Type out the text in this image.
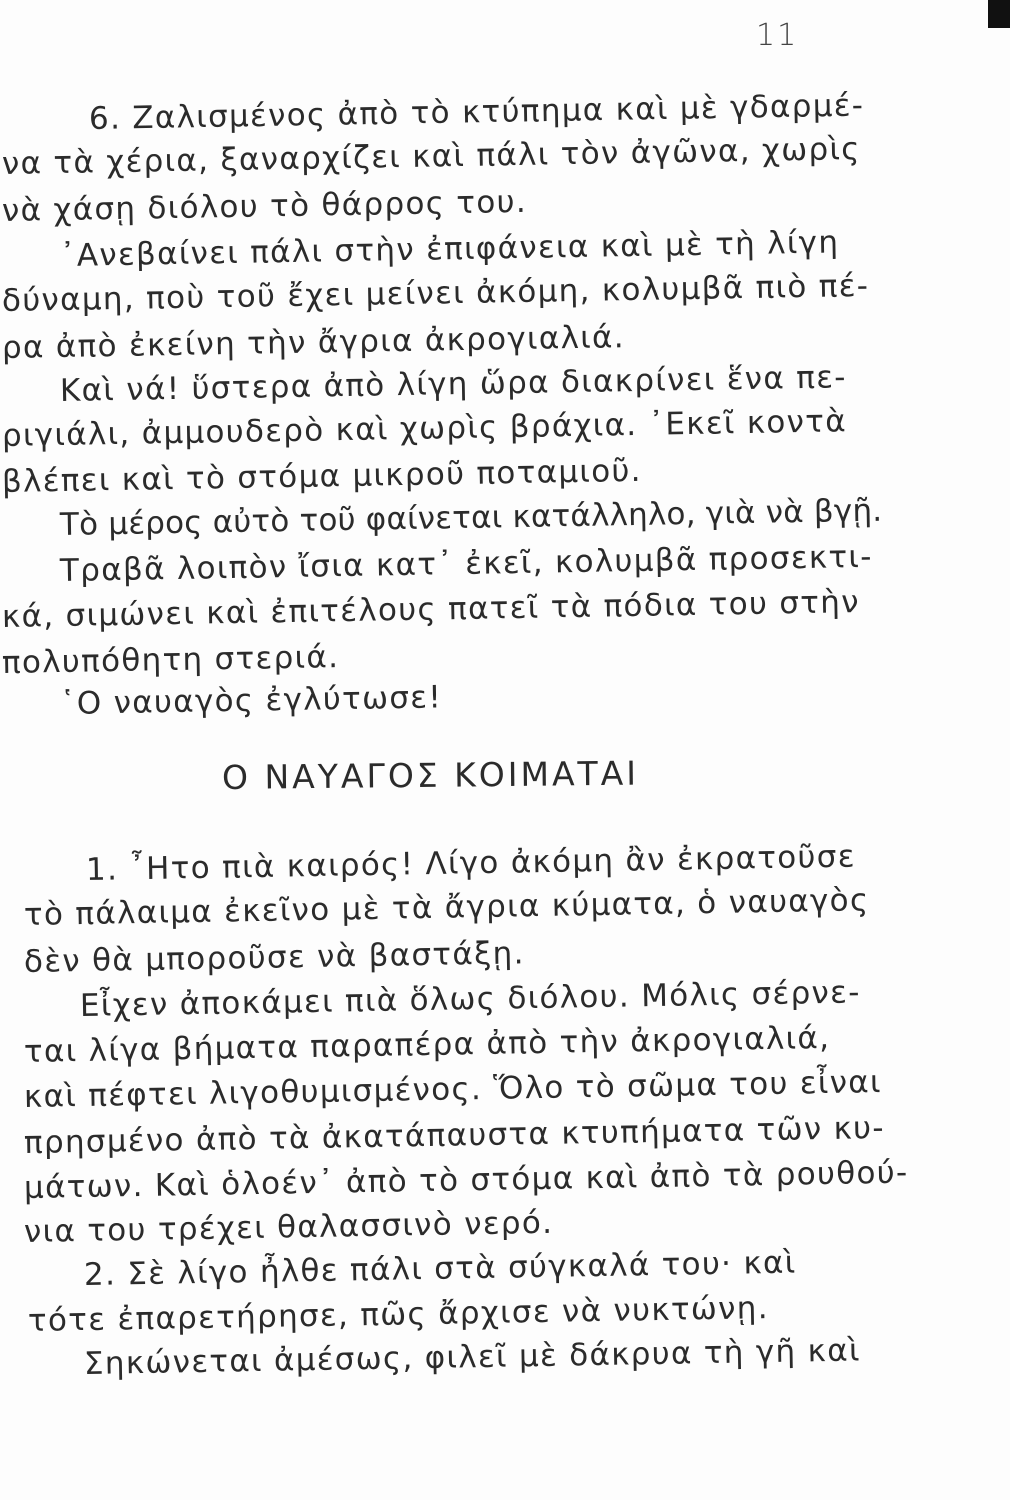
11
6. Ζαλισμένος ἀπὸ τὸ κτύπημα καὶ μὲ γδαρμέ-
να τὰ χέρια, ξαναρχίζει καὶ πάλι τὸν ἀγῶνα, χωρὶς
νὰ χάσῃ διόλου τὸ θάρρος του.
᾿Ανεβαίνει πάλι στὴν ἐπιφάνεια καὶ μὲ τὴ λίγη
δύναμη, ποὺ τοῦ ἔχει μείνει ἀκόμη, κολυμβᾶ πιὸ πέ-
ρα ἀπὸ ἐκείνη τὴν ἄγρια ἀκρογιαλιά.
Καὶ νά! ὕστερα ἀπὸ λίγη ὥρα διακρίνει ἕνα πε-
ριγιάλι, ἀμμουδερὸ καὶ χωρὶς βράχια. ᾿Εκεῖ κοντὰ
βλέπει καὶ τὸ στόμα μικροῦ ποταμιοῦ.
Τὸ μέρος αὐτὸ τοῦ φαίνεται κατάλληλο, γιὰ νὰ βγῇ.
Τραβᾶ λοιπὸν ἴσια κατ᾿ ἐκεῖ, κολυμβᾶ προσεκτι-
κά, σιμώνει καὶ ἐπιτέλους πατεῖ τὰ πόδια του στὴν
πολυπόθητη στεριά.
῾Ο ναυαγὸς ἐγλύτωσε!
Ο ΝΑΥΑΓΟΣ ΚΟΙΜΑΤΑΙ
1. ῏Ητο πιὰ καιρός! Λίγο ἀκόμη ἂν ἐκρατοῦσε
τὸ πάλαιμα ἐκεῖνο μὲ τὰ ἄγρια κύματα, ὁ ναυαγὸς
δὲν θὰ μποροῦσε νὰ βαστάξῃ.
Εἶχεν ἀποκάμει πιὰ ὅλως διόλου. Μόλις σέρνε-
ται λίγα βήματα παραπέρα ἀπὸ τὴν ἀκρογιαλιά,
καὶ πέφτει λιγοθυμισμένος. Ὅλο τὸ σῶμα του εἶναι
πρησμένο ἀπὸ τὰ ἀκατάπαυστα κτυπήματα τῶν κυ-
μάτων. Καὶ ὁλοέν᾿ ἀπὸ τὸ στόμα καὶ ἀπὸ τὰ ρουθού-
νια του τρέχει θαλασσινὸ νερό.
2. Σὲ λίγο ἦλθε πάλι στὰ σύγκαλά του· καὶ
τότε ἐπαρετήρησε, πῶς ἄρχισε νὰ νυκτώνῃ.
Σηκώνεται ἀμέσως, φιλεῖ μὲ δάκρυα τὴ γῆ καὶ
